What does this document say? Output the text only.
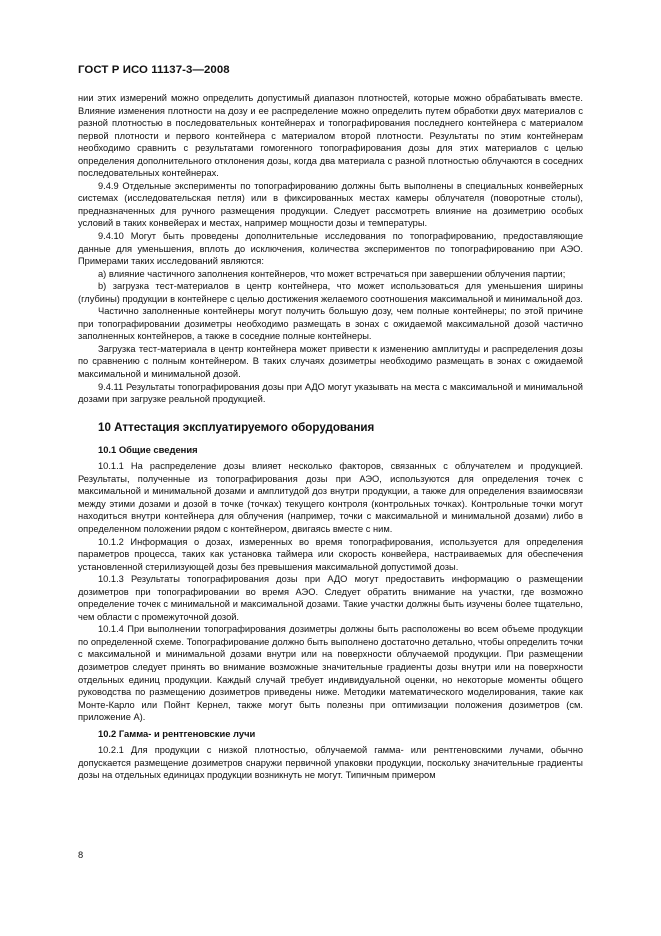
ГОСТ Р ИСО 11137-3—2008

нии этих измерений можно определить допустимый диапазон плотностей, которые можно обрабатывать вместе. Влияние изменения плотности на дозу и ее распределение можно определить путем обработки двух материалов с разной плотностью в последовательных контейнерах и топографирования последнего контейнера с материалом первой плотности и первого контейнера с материалом второй плотности. Результаты по этим контейнерам необходимо сравнить с результатами гомогенного топографирования дозы для этих материалов с целью определения дополнительного отклонения дозы, когда два материала с разной плотностью облучаются в соседних последовательных контейнерах.

9.4.9 Отдельные эксперименты по топографированию должны быть выполнены в специальных конвейерных системах (исследовательская петля) или в фиксированных местах камеры облучателя (поворотные столы), предназначенных для ручного размещения продукции. Следует рассмотреть влияние на дозиметрию особых условий в таких конвейерах и местах, например мощности дозы и температуры.

9.4.10 Могут быть проведены дополнительные исследования по топографированию, предоставляющие данные для уменьшения, вплоть до исключения, количества экспериментов по топографированию при АЭО. Примерами таких исследований являются:

a) влияние частичного заполнения контейнеров, что может встречаться при завершении облучения партии;

b) загрузка тест-материалов в центр контейнера, что может использоваться для уменьшения ширины (глубины) продукции в контейнере с целью достижения желаемого соотношения максимальной и минимальной доз.

Частично заполненные контейнеры могут получить большую дозу, чем полные контейнеры; по этой причине при топографировании дозиметры необходимо размещать в зонах с ожидаемой максимальной дозой частично заполненных контейнеров, а также в соседние полные контейнеры.

Загрузка тест-материала в центр контейнера может привести к изменению амплитуды и распределения дозы по сравнению с полным контейнером. В таких случаях дозиметры необходимо размещать в зонах с ожидаемой максимальной и минимальной дозой.

9.4.11 Результаты топографирования дозы при АДО могут указывать на места с максимальной и минимальной дозами при загрузке реальной продукцией.

10 Аттестация эксплуатируемого оборудования
10.1 Общие сведения

10.1.1 На распределение дозы влияет несколько факторов, связанных с облучателем и продукцией. Результаты, полученные из топографирования дозы при АЭО, используются для определения точек с максимальной и минимальной дозами и амплитудой доз внутри продукции, а также для определения взаимосвязи между этими дозами и дозой в точке (точках) текущего контроля (контрольных точках). Контрольные точки могут находиться внутри контейнера для облучения (например, точки с максимальной и минимальной дозами) либо в определенном положении рядом с контейнером, двигаясь вместе с ним.

10.1.2 Информация о дозах, измеренных во время топографирования, используется для определения параметров процесса, таких как установка таймера или скорость конвейера, настраиваемых для обеспечения установленной стерилизующей дозы без превышения максимальной допустимой дозы.

10.1.3 Результаты топографирования дозы при АДО могут предоставить информацию о размещении дозиметров при топографировании во время АЭО. Следует обратить внимание на участки, где возможно определение точек с минимальной и максимальной дозами. Такие участки должны быть изучены более тщательно, чем области с промежуточной дозой.

10.1.4 При выполнении топографирования дозиметры должны быть расположены во всем объеме продукции по определенной схеме. Топографирование должно быть выполнено достаточно детально, чтобы определить точки с максимальной и минимальной дозами внутри или на поверхности облучаемой продукции. При размещении дозиметров следует принять во внимание возможные значительные градиенты дозы внутри или на поверхности отдельных единиц продукции. Каждый случай требует индивидуальной оценки, но некоторые моменты общего руководства по размещению дозиметров приведены ниже. Методики математического моделирования, такие как Монте-Карло или Пойнт Кернел, также могут быть полезны при оптимизации положения дозиметров (см. приложение А).

10.2 Гамма- и рентгеновские лучи

10.2.1 Для продукции с низкой плотностью, облучаемой гамма- или рентгеновскими лучами, обычно допускается размещение дозиметров снаружи первичной упаковки продукции, поскольку значительные градиенты дозы на отдельных единицах продукции возникнуть не могут. Типичным примером

8
